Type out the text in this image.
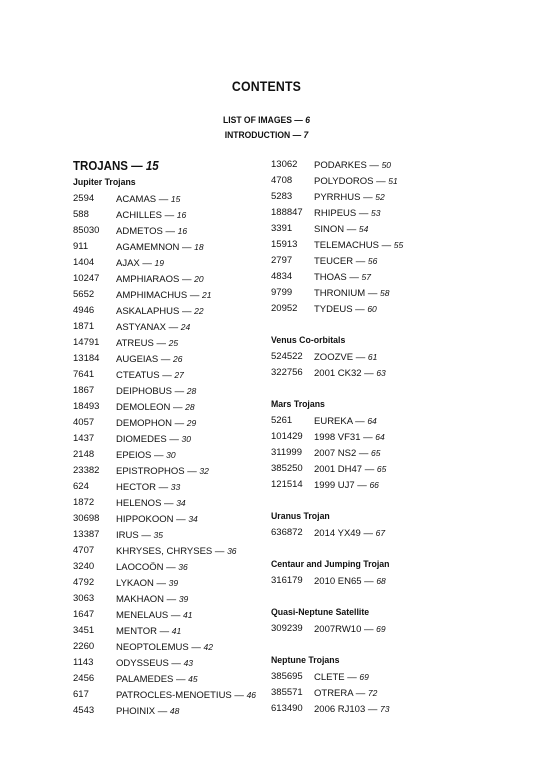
CONTENTS
LIST OF IMAGES — 6
INTRODUCTION — 7
TROJANS — 15
Jupiter Trojans
2594 ACAMAS — 15
588	ACHILLES — 16
85030 ADMETOS — 16
911	AGAMEMNON — 18
1404 AJAX — 19
10247 AMPHIARAOS — 20
5652 AMPHIMACHUS — 21
4946 ASKALAPHUS — 22
1871 ASTYANAX — 24
14791 ATREUS — 25
13184 AUGEIAS — 26
7641 CTEATUS — 27
1867 DEIPHOBUS — 28
18493 DEMOLEON — 28
4057 DEMOPHON — 29
1437 DIOMEDES — 30
2148 EPEIOS — 30
23382 EPISTROPHOS — 32
624	HECTOR — 33
1872 HELENOS — 34
30698 HIPPOKOON — 34
13387 IRUS — 35
4707 KHRYSES, CHRYSES — 36
3240 LAOCOÖN — 36
4792 LYKAON — 39
3063 MAKHAON — 39
1647 MENELAUS — 41
3451 MENTOR — 41
2260 NEOPTOLEMUS — 42
1143 ODYSSEUS — 43
2456 PALAMEDES — 45
617	PATROCLES-MENOETIUS — 46
4543 PHOINIX — 48
13062 PODARKES — 50
4708 POLYDOROS — 51
5283 PYRRHUS — 52
188847 RHIPEUS — 53
3391 SINON — 54
15913 TELEMACHUS — 55
2797 TEUCER — 56
4834 THOAS — 57
9799 THRONIUM — 58
20952 TYDEUS — 60
Venus Co-orbitals
524522 ZOOZVE — 61
322756 2001 CK32 — 63
Mars Trojans
5261 EUREKA — 64
101429 1998 VF31 — 64
311999 2007 NS2 — 65
385250 2001 DH47 — 65
121514 1999 UJ7 — 66
Uranus Trojan
636872 2014 YX49 — 67
Centaur and Jumping Trojan
316179 2010 EN65 — 68
Quasi-Neptune Satellite
309239 2007RW10 — 69
Neptune Trojans
385695 CLETE — 69
385571 OTRERA — 72
613490 2006 RJ103 — 73
